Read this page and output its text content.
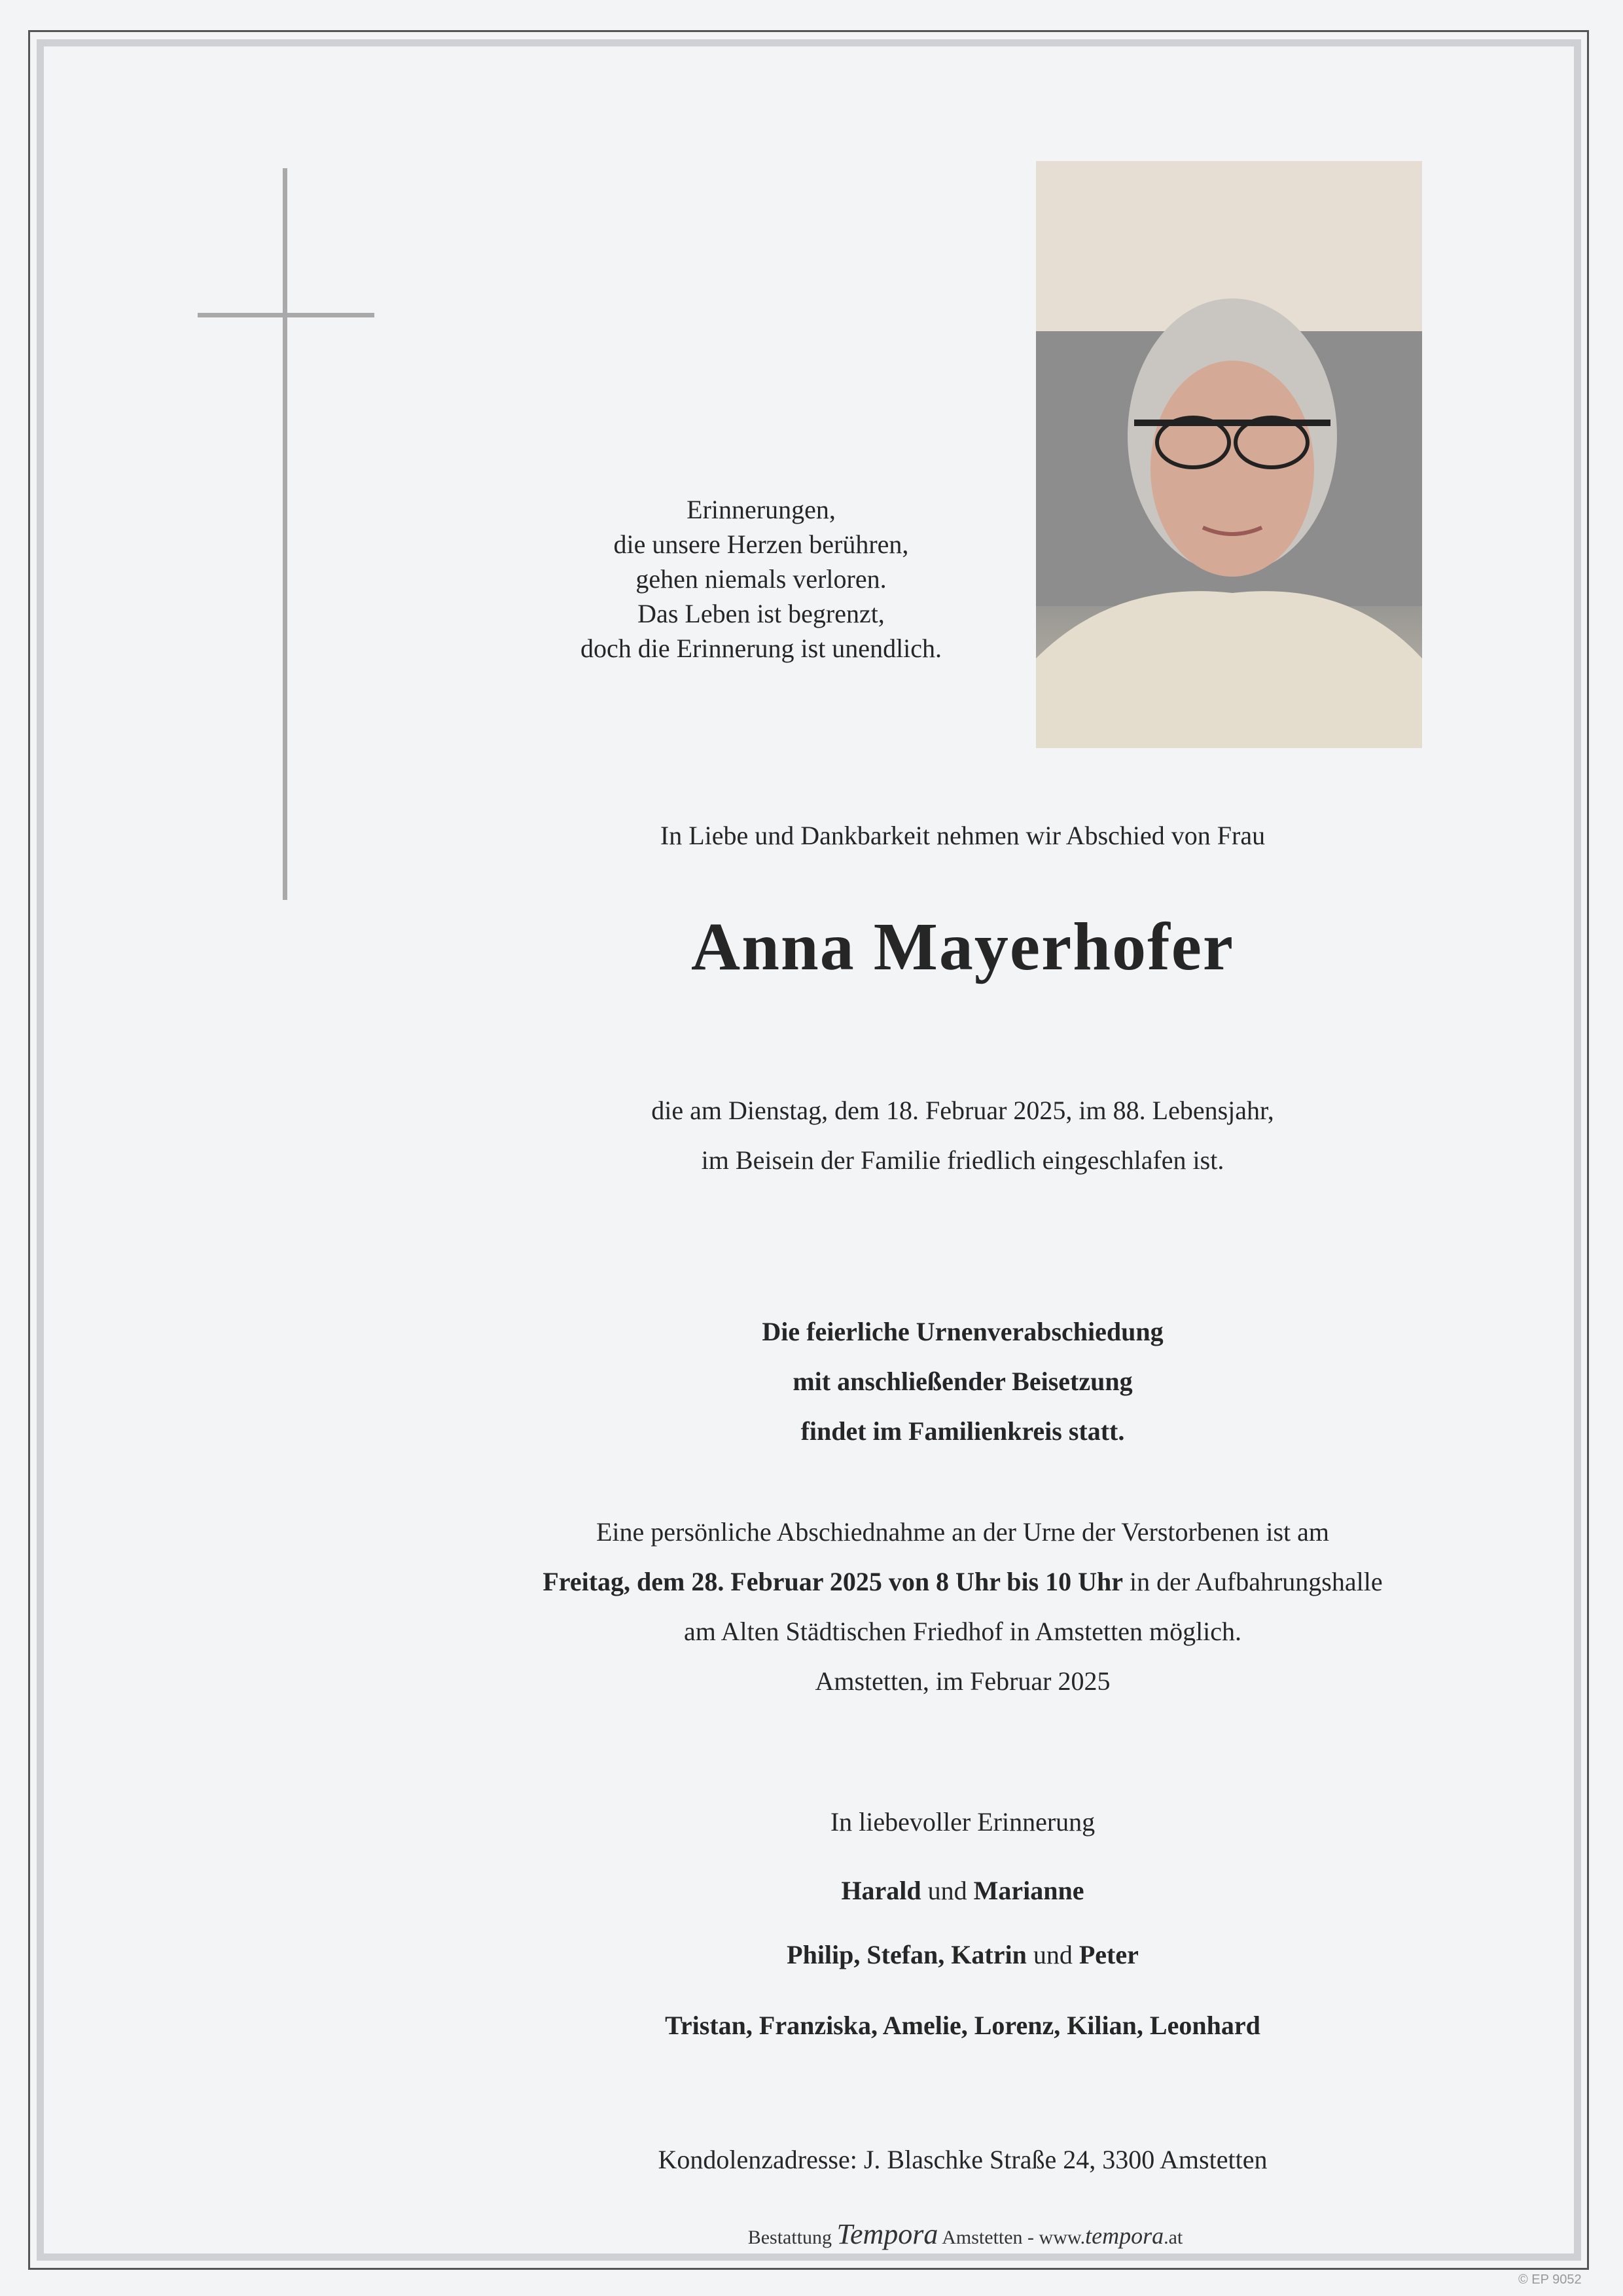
Erinnerungen,
die unsere Herzen berühren,
gehen niemals verloren.
Das Leben ist begrenzt,
doch die Erinnerung ist unendlich.
In Liebe und Dankbarkeit nehmen wir Abschied von Frau
Anna Mayerhofer
die am Dienstag, dem 18. Februar 2025, im 88. Lebensjahr,
im Beisein der Familie friedlich eingeschlafen ist.
Die feierliche Urnenverabschiedung
mit anschließender Beisetzung
findet im Familienkreis statt.
Eine persönliche Abschiednahme an der Urne der Verstorbenen ist am
Freitag, dem 28. Februar 2025 von 8 Uhr bis 10 Uhr in der Aufbahrungshalle
am Alten Städtischen Friedhof in Amstetten möglich.
Amstetten, im Februar 2025
In liebevoller Erinnerung
Harald und Marianne
Philip, Stefan, Katrin und Peter
Tristan, Franziska, Amelie, Lorenz, Kilian, Leonhard
Kondolenzadresse: J. Blaschke Straße 24, 3300 Amstetten
Bestattung Tempora Amstetten - www.tempora.at
© EP 9052
